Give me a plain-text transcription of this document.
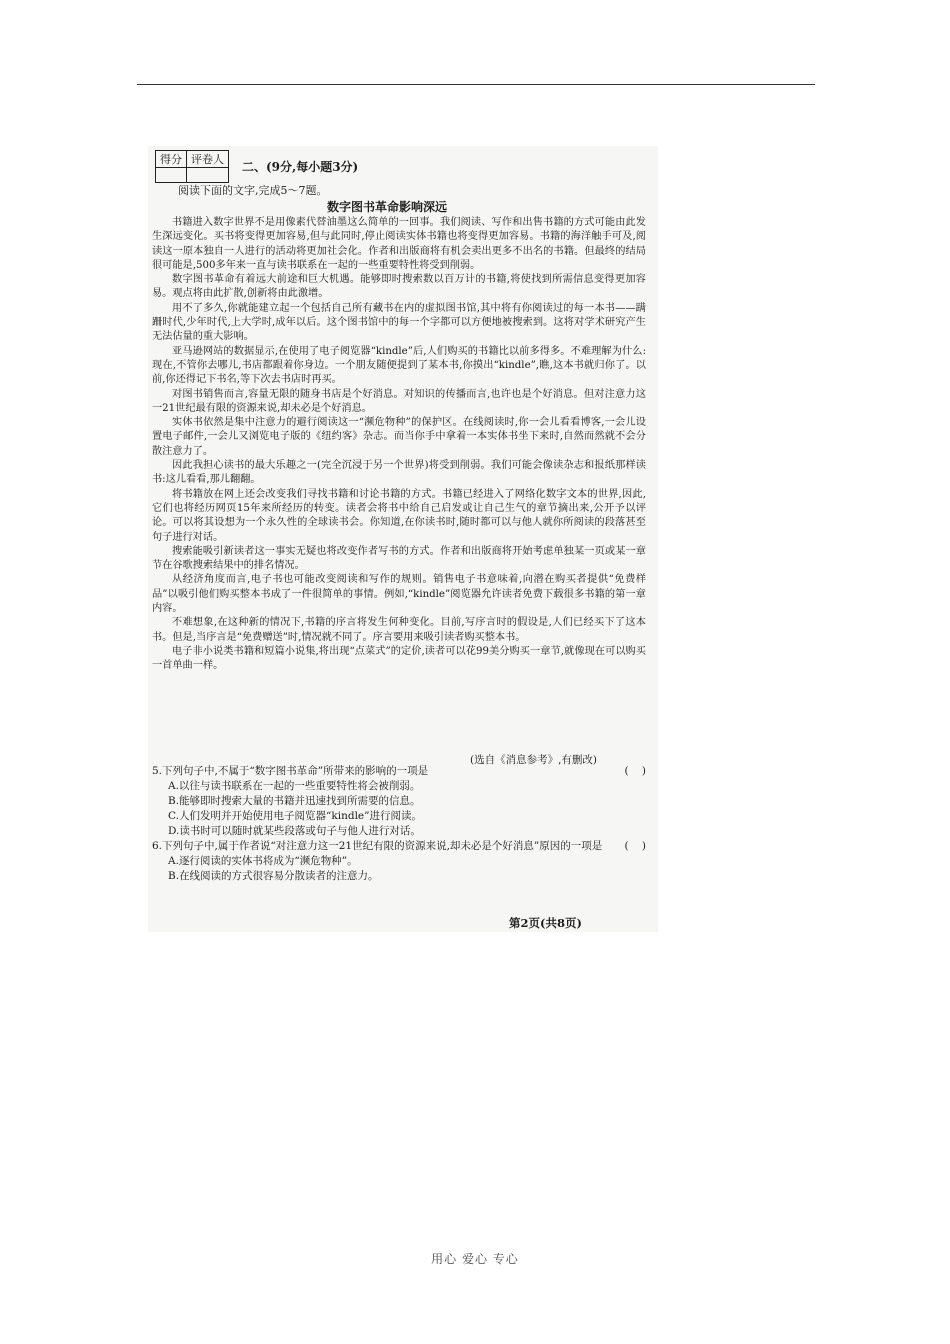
得分	评卷人

二、(9分,每小题3分)
阅读下面的文字,完成5～7题。
数字图书革命影响深远

书籍进入数字世界不是用像素代替油墨这么简单的一回事。我们阅读、写作和出售书籍的方式可能由此发生深远变化。买书将变得更加容易,但与此同时,停止阅读实体书籍也将变得更加容易。书籍的海洋触手可及,阅读这一原本独自一人进行的活动将更加社会化。作者和出版商将有机会卖出更多不出名的书籍。但最终的结局很可能是,500多年来一直与读书联系在一起的一些重要特性将受到削弱。

数字图书革命有着远大前途和巨大机遇。能够即时搜索数以百万计的书籍,将使找到所需信息变得更加容易。观点将由此扩散,创新将由此激增。

用不了多久,你就能建立起一个包括自己所有藏书在内的虚拟图书馆,其中将有你阅读过的每一本书——蹒跚时代,少年时代,上大学时,成年以后。这个图书馆中的每一个字都可以方便地被搜索到。这将对学术研究产生无法估量的重大影响。

亚马逊网站的数据显示,在使用了电子阅览器“kindle”后,人们购买的书籍比以前多得多。不难理解为什么:现在,不管你去哪儿,书店都跟着你身边。一个朋友随便提到了某本书,你摸出“kindle”,瞧,这本书就归你了。以前,你还得记下书名,等下次去书店时再买。

对图书销售而言,容量无限的随身书店是个好消息。对知识的传播而言,也许也是个好消息。但对注意力这一21世纪最有限的资源来说,却未必是个好消息。

实体书依然是集中注意力的避行阅读这一“濒危物种”的保护区。在线阅读时,你一会儿看看博客,一会儿设置电子邮件,一会儿又浏览电子版的《纽约客》杂志。而当你手中拿着一本实体书坐下来时,自然而然就不会分散注意力了。

因此我担心读书的最大乐趣之一(完全沉浸于另一个世界)将受到削弱。我们可能会像读杂志和报纸那样读书:这儿看看,那儿翻翻。

将书籍放在网上还会改变我们寻找书籍和讨论书籍的方式。书籍已经进入了网络化数字文本的世界,因此,它们也将经历网页15年来所经历的转变。读者会将书中给自己启发或让自己生气的章节摘出来,公开予以评论。可以将其设想为一个永久性的全球读书会。你知道,在你读书时,随时都可以与他人就你所阅读的段落甚至句子进行对话。

搜索能吸引新读者这一事实无疑也将改变作者写书的方式。作者和出版商将开始考虑单独某一页或某一章节在谷歌搜索结果中的排名情况。

从经济角度而言,电子书也可能改变阅读和写作的规则。销售电子书意味着,向潜在购买者提供“免费样品”以吸引他们购买整本书成了一件很简单的事情。例如,“kindle”阅览器允许读者免费下载很多书籍的第一章内容。

不难想象,在这种新的情况下,书籍的序言将发生何种变化。目前,写序言时的假设是,人们已经买下了这本书。但是,当序言是“免费赠送”时,情况就不同了。序言要用来吸引读者购买整本书。

电子非小说类书籍和短篇小说集,将出现“点菜式”的定价,读者可以花99美分购买一章节,就像现在可以购买一首单曲一样。

(选自《消息参考》,有删改)
5.下列句子中,不属于“数字图书革命”所带来的影响的一项是	(    )
A.以往与读书联系在一起的一些重要特性将会被削弱。
B.能够即时搜索大量的书籍并迅速找到所需要的信息。
C.人们发明并开始使用电子阅览器“kindle”进行阅读。
D.读书时可以随时就某些段落或句子与他人进行对话。
6.下列句子中,属于作者说“对注意力这一21世纪有限的资源来说,却未必是个好消息”原因的一项是 (    )
A.逐行阅读的实体书将成为“濒危物种”。
B.在线阅读的方式很容易分散读者的注意力。
第2页(共8页)
用心 爱心 专心
